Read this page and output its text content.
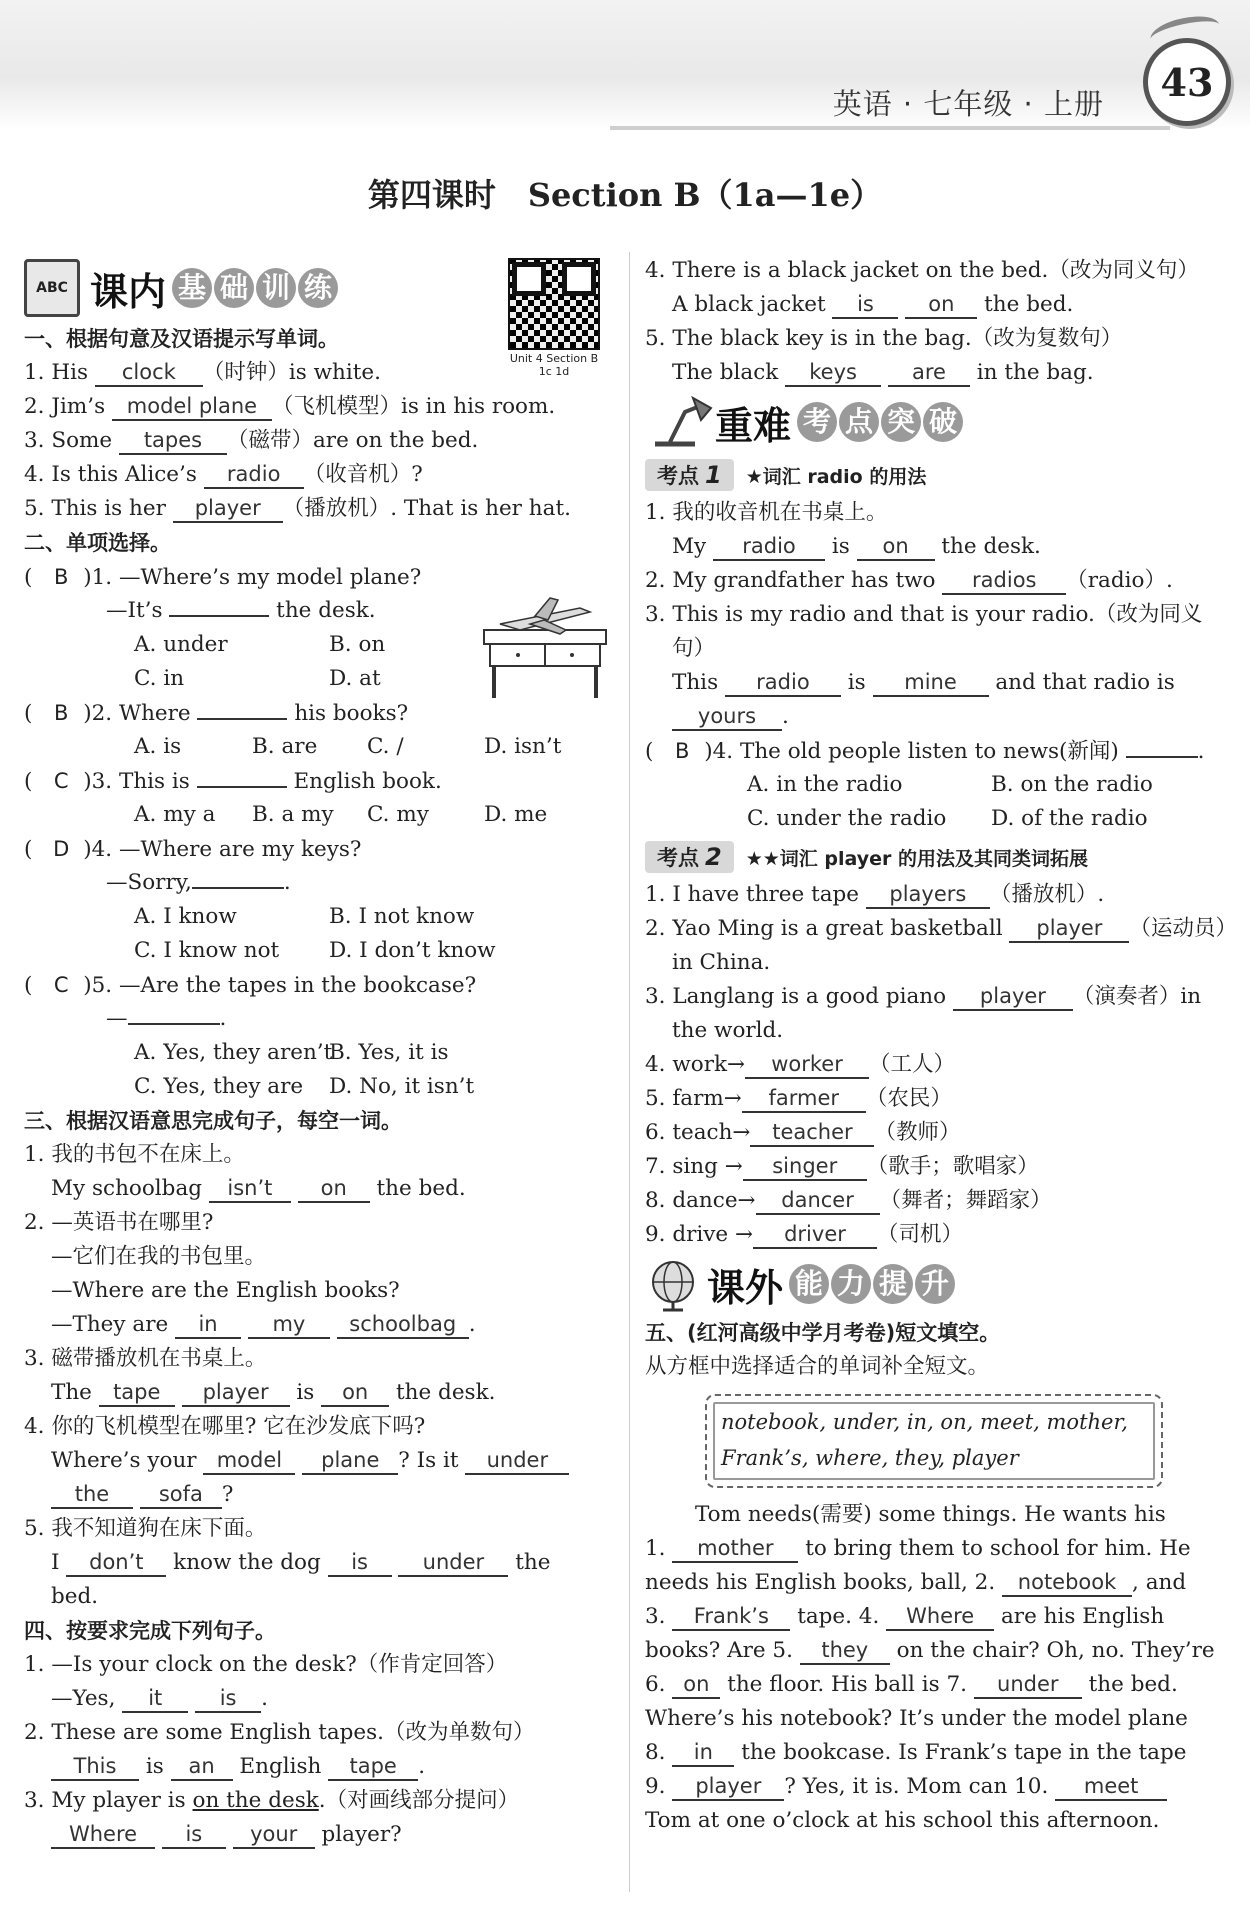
英语 · 七年级 · 上册	43
第四课时　Section B（1a—1e）
ABC 课内 基 础 训 练
Unit 4 Section B
1c 1d
一、根据句意及汉语提示写单词。
1. His clock （时钟）is white.
2. Jim’s model plane （飞机模型）is in his room.
3. Some tapes （磁带）are on the bed.
4. Is this Alice’s radio （收音机）?
5. This is her player （播放机）. That is her hat.
二、单项选择。
( B )1. —Where’s my model plane?
—It’s	the desk.
A. under	B. on
C. in	D. at
( B )2. Where	his books?
A. is	B. are C. /	D. isn’t
( C )3. This is	English book.
A. my a B. a my C. my	D. me
( D )4. —Where are my keys?
—Sorry,	.
A. I know	B. I not know
C. I know not D. I don’t know
( C )5. —Are the tapes in the bookcase?
—	.
A. Yes, they aren’tB. Yes, it is
C. Yes, they are D. No, it isn’t
三、根据汉语意思完成句子，每空一词。
1. 我的书包不在床上。
My schoolbag isn’t on the bed.
2. —英语书在哪里?
—它们在我的书包里。
—Where are the English books?
—They are in	my schoolbag .
3. 磁带播放机在书桌上。
The tape player is on the desk.
4. 你的飞机模型在哪里? 它在沙发底下吗?
Where’s your model plane ? Is it under
the sofa ?
5. 我不知道狗在床下面。
I don’t know the dog is	under the
bed.
四、按要求完成下列句子。
1. —Is your clock on the desk?（作肯定回答）
—Yes, it	is .
2. These are some English tapes.（改为单数句）
This is an English tape .
3. My player is on the desk.（对画线部分提问）
Where is your player?
4. There is a black jacket on the bed.（改为同义句）
A black jacket is	on the bed.
5. The black key is in the bag.（改为复数句）
The black keys	are in the bag.
重难 考 点 突 破
考点 1	★词汇 radio 的用法
1. 我的收音机在书桌上。
My radio is on the desk.
2. My grandfather has two radios （radio）.
3. This is my radio and that is your radio.（改为同义
句）
This radio is mine and that radio is
yours .
( B )4. The old people listen to news(新闻)	.
A. in the radio	B. on the radio
C. under the radio D. of the radio
考点 2	★★词汇 player 的用法及其同类词拓展
1. I have three tape players （播放机）.
2. Yao Ming is a great basketball player （运动员）
in China.
3. Langlang is a good piano player （演奏者）in
the world.
4. work→ worker （工人）
5. farm→ farmer （农民）
6. teach→ teacher （教师）
7. sing → singer （歌手；歌唱家）
8. dance→ dancer （舞者；舞蹈家）
9. drive → driver （司机）
课外 能 力 提 升
五、(红河高级中学月考卷)短文填空。
从方框中选择适合的单词补全短文。
notebook, under, in, on, meet, mother,
Frank’s, where, they, player
Tom needs(需要) some things. He wants his
1. mother to bring them to school for him. He
needs his English books, ball, 2. notebook , and
3. Frank’s tape. 4. Where are his English
books? Are 5. they on the chair? Oh, no. They’re
6. on the floor. His ball is 7. under the bed.
Where’s his notebook? It’s under the model plane
8. in the bookcase. Is Frank’s tape in the tape
9. player ? Yes, it is. Mom can 10. meet
Tom at one o’clock at his school this afternoon.
